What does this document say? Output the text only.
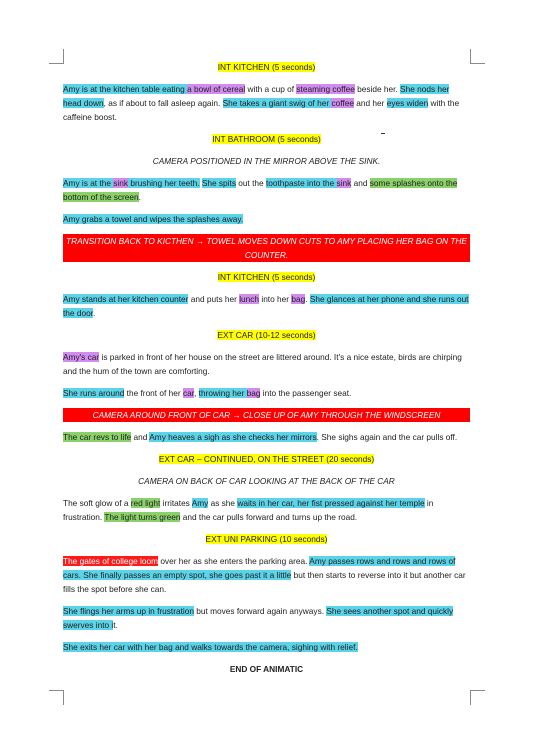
INT KITCHEN (5 seconds)

Amy is at the kitchen table eating a bowl of cereal with a cup of steaming coffee beside her. She nods her head down, as if about to fall asleep again. She takes a giant swig of her coffee and her eyes widen with the caffeine boost.

INT BATHROOM (5 seconds)

CAMERA POSITIONED IN THE MIRROR ABOVE THE SINK.

Amy is at the sink brushing her teeth. She spits out the toothpaste into the sink and some splashes onto the bottom of the screen.

Amy grabs a towel and wipes the splashes away.

TRANSITION BACK TO KICTHEN → TOWEL MOVES DOWN CUTS TO AMY PLACING HER BAG ON THE COUNTER.

INT KITCHEN (5 seconds)

Amy stands at her kitchen counter and puts her lunch into her bag. She glances at her phone and she runs out the door.

EXT CAR (10-12 seconds)

Amy's car is parked in front of her house on the street are littered around. It's a nice estate, birds are chirping and the hum of the town are comforting.

She runs around the front of her car, throwing her bag into the passenger seat.

CAMERA AROUND FRONT OF CAR → CLOSE UP OF AMY THROUGH THE WINDSCREEN

The car revs to life and Amy heaves a sigh as she checks her mirrors. She sighs again and the car pulls off.

EXT CAR – CONTINUED, ON THE STREET (20 seconds)

CAMERA ON BACK OF CAR LOOKING AT THE BACK OF THE CAR

The soft glow of a red light irritates Amy as she waits in her car, her fist pressed against her temple in frustration. The light turns green and the car pulls forward and turns up the road.

EXT UNI PARKING (10 seconds)

The gates of college loom over her as she enters the parking area. Amy passes rows and rows and rows of cars. She finally passes an empty spot, she goes past it a little but then starts to reverse into it but another car fills the spot before she can.

She flings her arms up in frustration but moves forward again anyways. She sees another spot and quickly swerves into it.

She exits her car with her bag and walks towards the camera, sighing with relief.

END OF ANIMATIC
